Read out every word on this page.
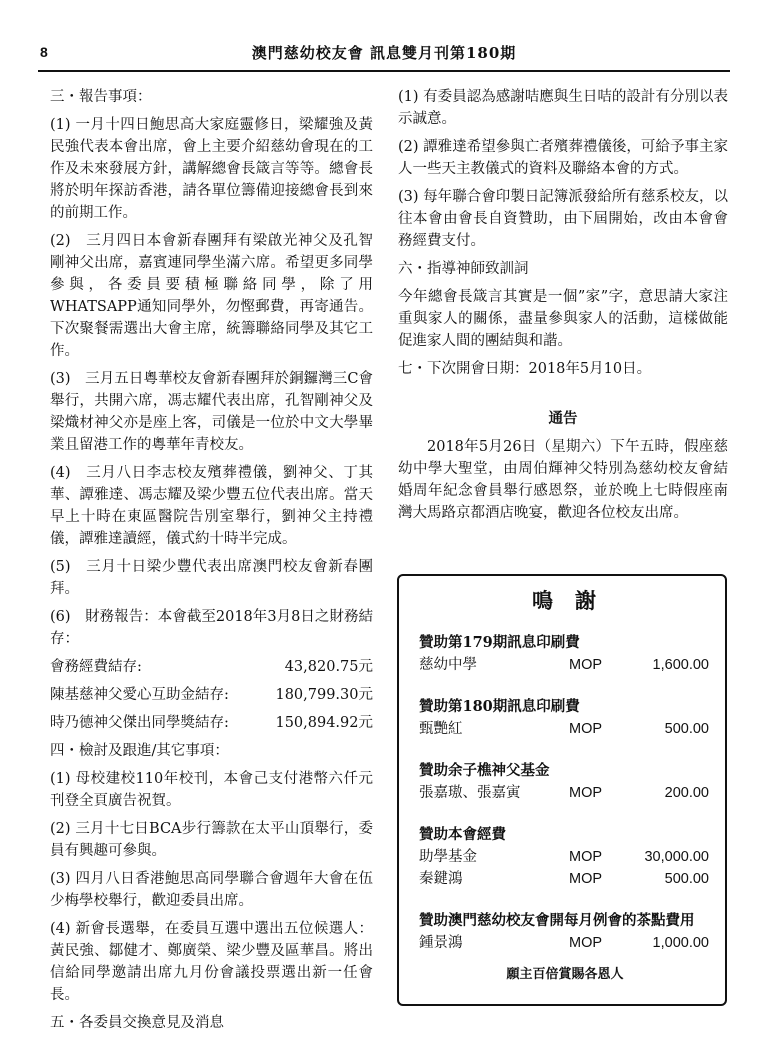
8	澳門慈幼校友會 訊息雙月刊第180期

三・報告事項：

(1) 一月十四日鮑思高大家庭靈修日，梁耀強及黃民強代表本會出席，會上主要介紹慈幼會現在的工作及未來發展方針，講解總會長箴言等等。總會長將於明年探訪香港，請各單位籌備迎接總會長到來的前期工作。

(2)　三月四日本會新春團拜有梁啟光神父及孔智剛神父出席，嘉賓連同學坐滿六席。希望更多同學參與，各委員要積極聯絡同學，除了用WHATSAPP通知同學外，勿慳郵費，再寄通告。下次聚餐需選出大會主席，統籌聯絡同學及其它工作。

(3)　三月五日粵華校友會新春團拜於銅鑼灣三C會舉行，共開六席，馮志耀代表出席，孔智剛神父及梁熾材神父亦是座上客，司儀是一位於中文大學畢業且留港工作的粵華年青校友。

(4)　三月八日李志校友殯葬禮儀，劉神父、丁其華、譚雅達、馮志耀及梁少豐五位代表出席。當天早上十時在東區醫院告別室舉行，劉神父主持禮儀，譚雅達讀經，儀式約十時半完成。

(5)　三月十日梁少豐代表出席澳門校友會新春團拜。

(6)　財務報告：本會截至2018年3月8日之財務結存：

會務經費結存:	43,820.75元
陳基慈神父愛心互助金結存:	180,799.30元
時乃德神父傑出同學獎結存:	150,894.92元

四・檢討及跟進/其它事項：

(1) 母校建校110年校刊，本會己支付港幣六仟元刊登全頁廣告祝賀。

(2) 三月十七日BCA步行籌款在太平山頂舉行，委員有興趣可參與。

(3) 四月八日香港鮑思高同學聯合會週年大會在伍少梅學校舉行，歡迎委員出席。

(4) 新會長選舉，在委員互選中選出五位候選人：黃民強、鄒健才、鄭廣榮、梁少豐及區華昌。將出信給同學邀請出席九月份會議投票選出新一任會長。

五・各委員交換意見及消息

(1) 有委員認為感謝咭應與生日咭的設計有分別以表示誠意。

(2) 譚雅達希望參與亡者殯葬禮儀後，可給予事主家人一些天主教儀式的資料及聯絡本會的方式。

(3) 每年聯合會印製日記簿派發給所有慈系校友，以往本會由會長自資贊助，由下屆開始，改由本會會務經費支付。

六・指導神師致訓詞

今年總會長箴言其實是一個”家”字，意思請大家注重與家人的關係，盡量參與家人的活動，這樣做能促進家人間的團結與和諧。

七・下次開會日期：2018年5月10日。

通告

2018年5月26日（星期六）下午五時，假座慈幼中學大聖堂，由周伯輝神父特別為慈幼校友會結婚周年紀念會員舉行感恩祭，並於晚上七時假座南灣大馬路京都酒店晚宴，歡迎各位校友出席。

鳴謝
贊助第179期訊息印刷費
慈幼中學	MOP	1,600.00
贊助第180期訊息印刷費
甄艷紅	MOP	500.00
贊助余子樵神父基金
張嘉璈、張嘉寅	MOP	200.00
贊助本會經費
助學基金	MOP	30,000.00
秦鍵鴻	MOP	500.00
贊助澳門慈幼校友會開每月例會的茶點費用
鍾景鴻	MOP	1,000.00
願主百倍賞賜各恩人
